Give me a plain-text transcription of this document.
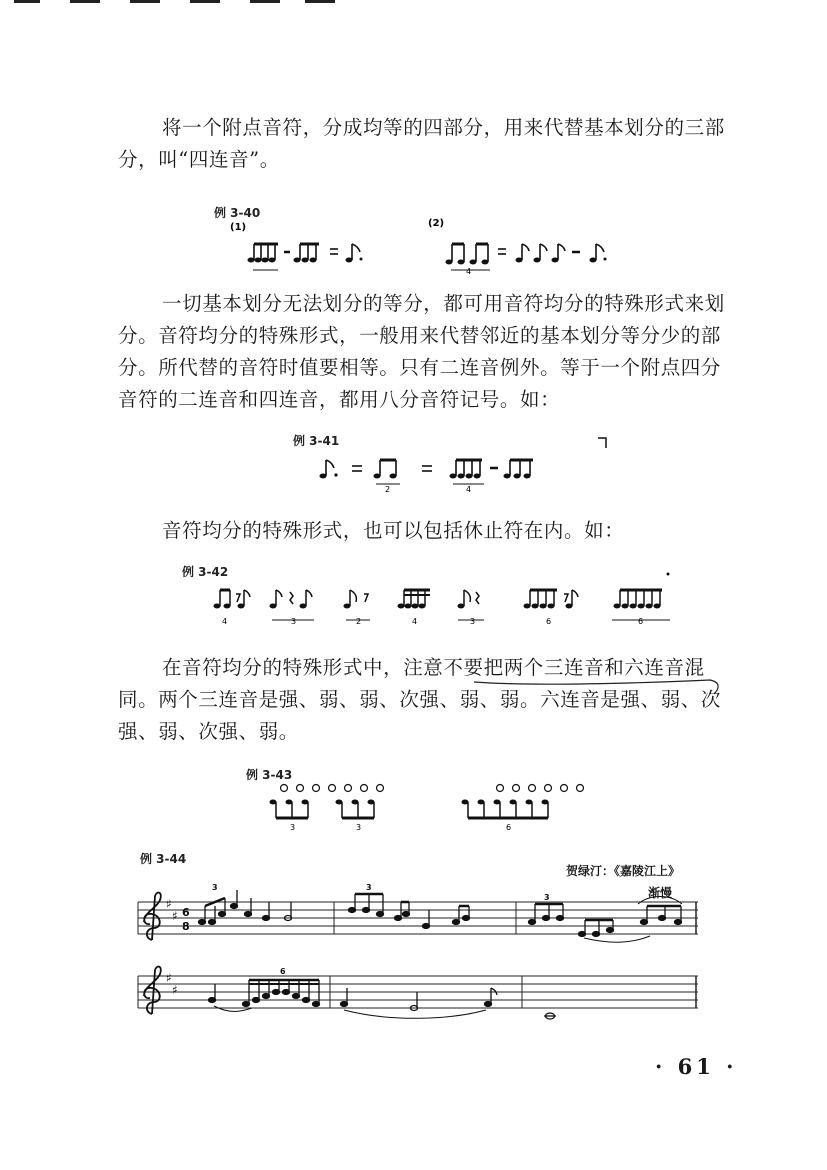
将一个附点音符，分成均等的四部分，用来代替基本划分的三部分，叫“四连音”。

例 3-40
(1)	(2)
4

一切基本划分无法划分的等分，都可用音符均分的特殊形式来划分。音符均分的特殊形式，一般用来代替邻近的基本划分等分少的部分。所代替的音符时值要相等。只有二连音例外。等于一个附点四分音符的二连音和四连音，都用八分音符记号。如：

例 3-41
2	4

音符均分的特殊形式，也可以包括休止符在内。如：

例 3-42
4	3	2	4	3	6	6

在音符均分的特殊形式中，注意不要把两个三连音和六连音混同。两个三连音是强、弱、弱、次强、弱、弱。六连音是强、弱、次强、弱、次强、弱。

例 3-43
3	3	6
例 3-44
贺绿汀：《嘉陵江上》
渐慢
♯
♯
♯
♯
6
8
3	3
3
6
· 61 ·
